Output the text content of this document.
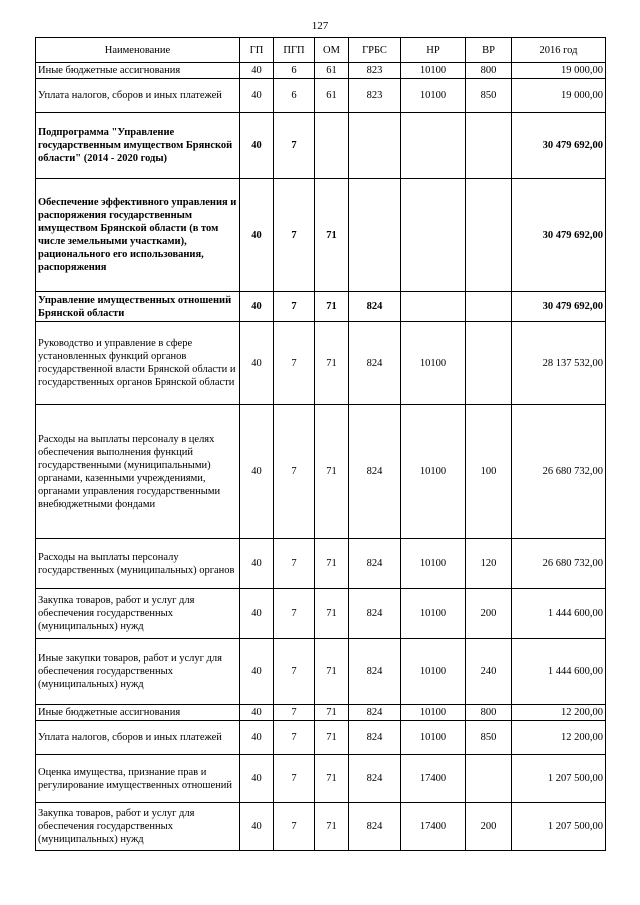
127
Наименование	ГП	ПГП	ОМ	ГРБС	НР	ВР	2016 год
Иные бюджетные ассигнования	40	6	61	823	10100	800	19 000,00
Уплата налогов, сборов и иных платежей	40	6	61	823	10100	850	19 000,00
Подпрограмма "Управление государственным имуществом Брянской области" (2014 - 2020 годы)	40	7					30 479 692,00
Обеспечение эффективного управления и распоряжения государственным имуществом Брянской области (в том числе земельными участками), рационального его использования, распоряжения	40	7	71				30 479 692,00
Управление имущественных отношений Брянской области	40	7	71	824			30 479 692,00
Руководство и управление в сфере установленных функций органов государственной власти Брянской области и государственных органов Брянской области	40	7	71	824	10100		28 137 532,00
Расходы на выплаты персоналу в целях обеспечения выполнения функций государственными (муниципальными) органами, казенными учреждениями, органами управления государственными внебюджетными фондами	40	7	71	824	10100	100	26 680 732,00
Расходы на выплаты персоналу государственных (муниципальных) органов	40	7	71	824	10100	120	26 680 732,00
Закупка товаров, работ и услуг для обеспечения государственных (муниципальных) нужд	40	7	71	824	10100	200	1 444 600,00
Иные закупки товаров, работ и услуг для обеспечения государственных (муниципальных) нужд	40	7	71	824	10100	240	1 444 600,00
Иные бюджетные ассигнования	40	7	71	824	10100	800	12 200,00
Уплата налогов, сборов и иных платежей	40	7	71	824	10100	850	12 200,00
Оценка имущества, признание прав и регулирование имущественных отношений	40	7	71	824	17400		1 207 500,00
Закупка товаров, работ и услуг для обеспечения государственных (муниципальных) нужд	40	7	71	824	17400	200	1 207 500,00
